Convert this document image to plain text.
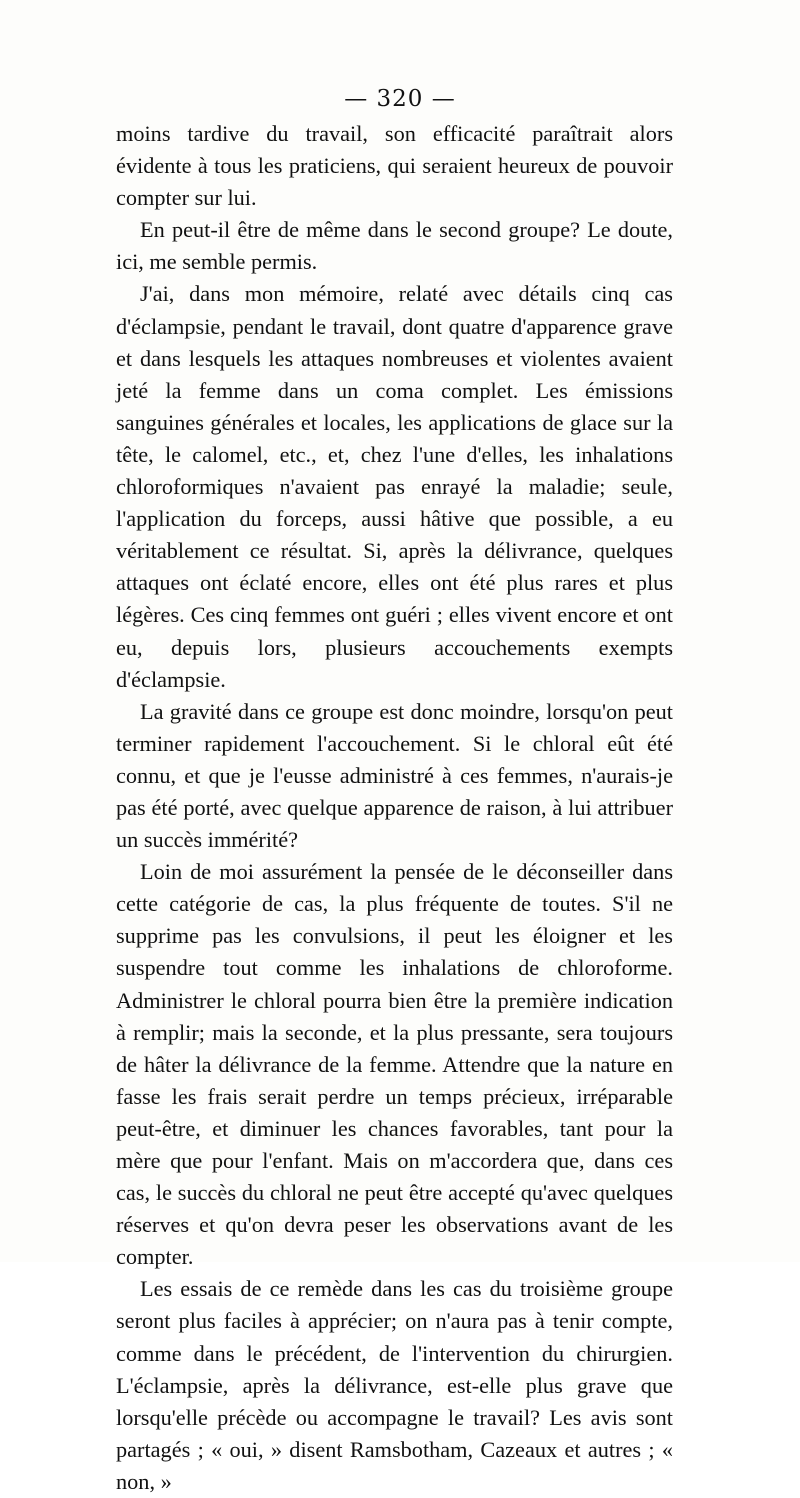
— 320 —

moins tardive du travail, son efficacité paraîtrait alors évidente à tous les praticiens, qui seraient heureux de pouvoir compter sur lui.

En peut-il être de même dans le second groupe? Le doute, ici, me semble permis.

J'ai, dans mon mémoire, relaté avec détails cinq cas d'éclampsie, pendant le travail, dont quatre d'apparence grave et dans lesquels les attaques nombreuses et violentes avaient jeté la femme dans un coma complet. Les émissions sanguines générales et locales, les applications de glace sur la tête, le calomel, etc., et, chez l'une d'elles, les inhalations chloroformiques n'avaient pas enrayé la maladie; seule, l'application du forceps, aussi hâtive que possible, a eu véritablement ce résultat. Si, après la délivrance, quelques attaques ont éclaté encore, elles ont été plus rares et plus légères. Ces cinq femmes ont guéri ; elles vivent encore et ont eu, depuis lors, plusieurs accouchements exempts d'éclampsie.

La gravité dans ce groupe est donc moindre, lorsqu'on peut terminer rapidement l'accouchement. Si le chloral eût été connu, et que je l'eusse administré à ces femmes, n'aurais-je pas été porté, avec quelque apparence de raison, à lui attribuer un succès immérité?

Loin de moi assurément la pensée de le déconseiller dans cette catégorie de cas, la plus fréquente de toutes. S'il ne supprime pas les convulsions, il peut les éloigner et les suspendre tout comme les inhalations de chloroforme. Administrer le chloral pourra bien être la première indication à remplir; mais la seconde, et la plus pressante, sera toujours de hâter la délivrance de la femme. Attendre que la nature en fasse les frais serait perdre un temps précieux, irréparable peut-être, et diminuer les chances favorables, tant pour la mère que pour l'enfant. Mais on m'accordera que, dans ces cas, le succès du chloral ne peut être accepté qu'avec quelques réserves et qu'on devra peser les observations avant de les compter.

Les essais de ce remède dans les cas du troisième groupe seront plus faciles à apprécier; on n'aura pas à tenir compte, comme dans le précédent, de l'intervention du chirurgien. L'éclampsie, après la délivrance, est-elle plus grave que lorsqu'elle précède ou accompagne le travail? Les avis sont partagés ; « oui, » disent Ramsbotham, Cazeaux et autres ; « non, »
